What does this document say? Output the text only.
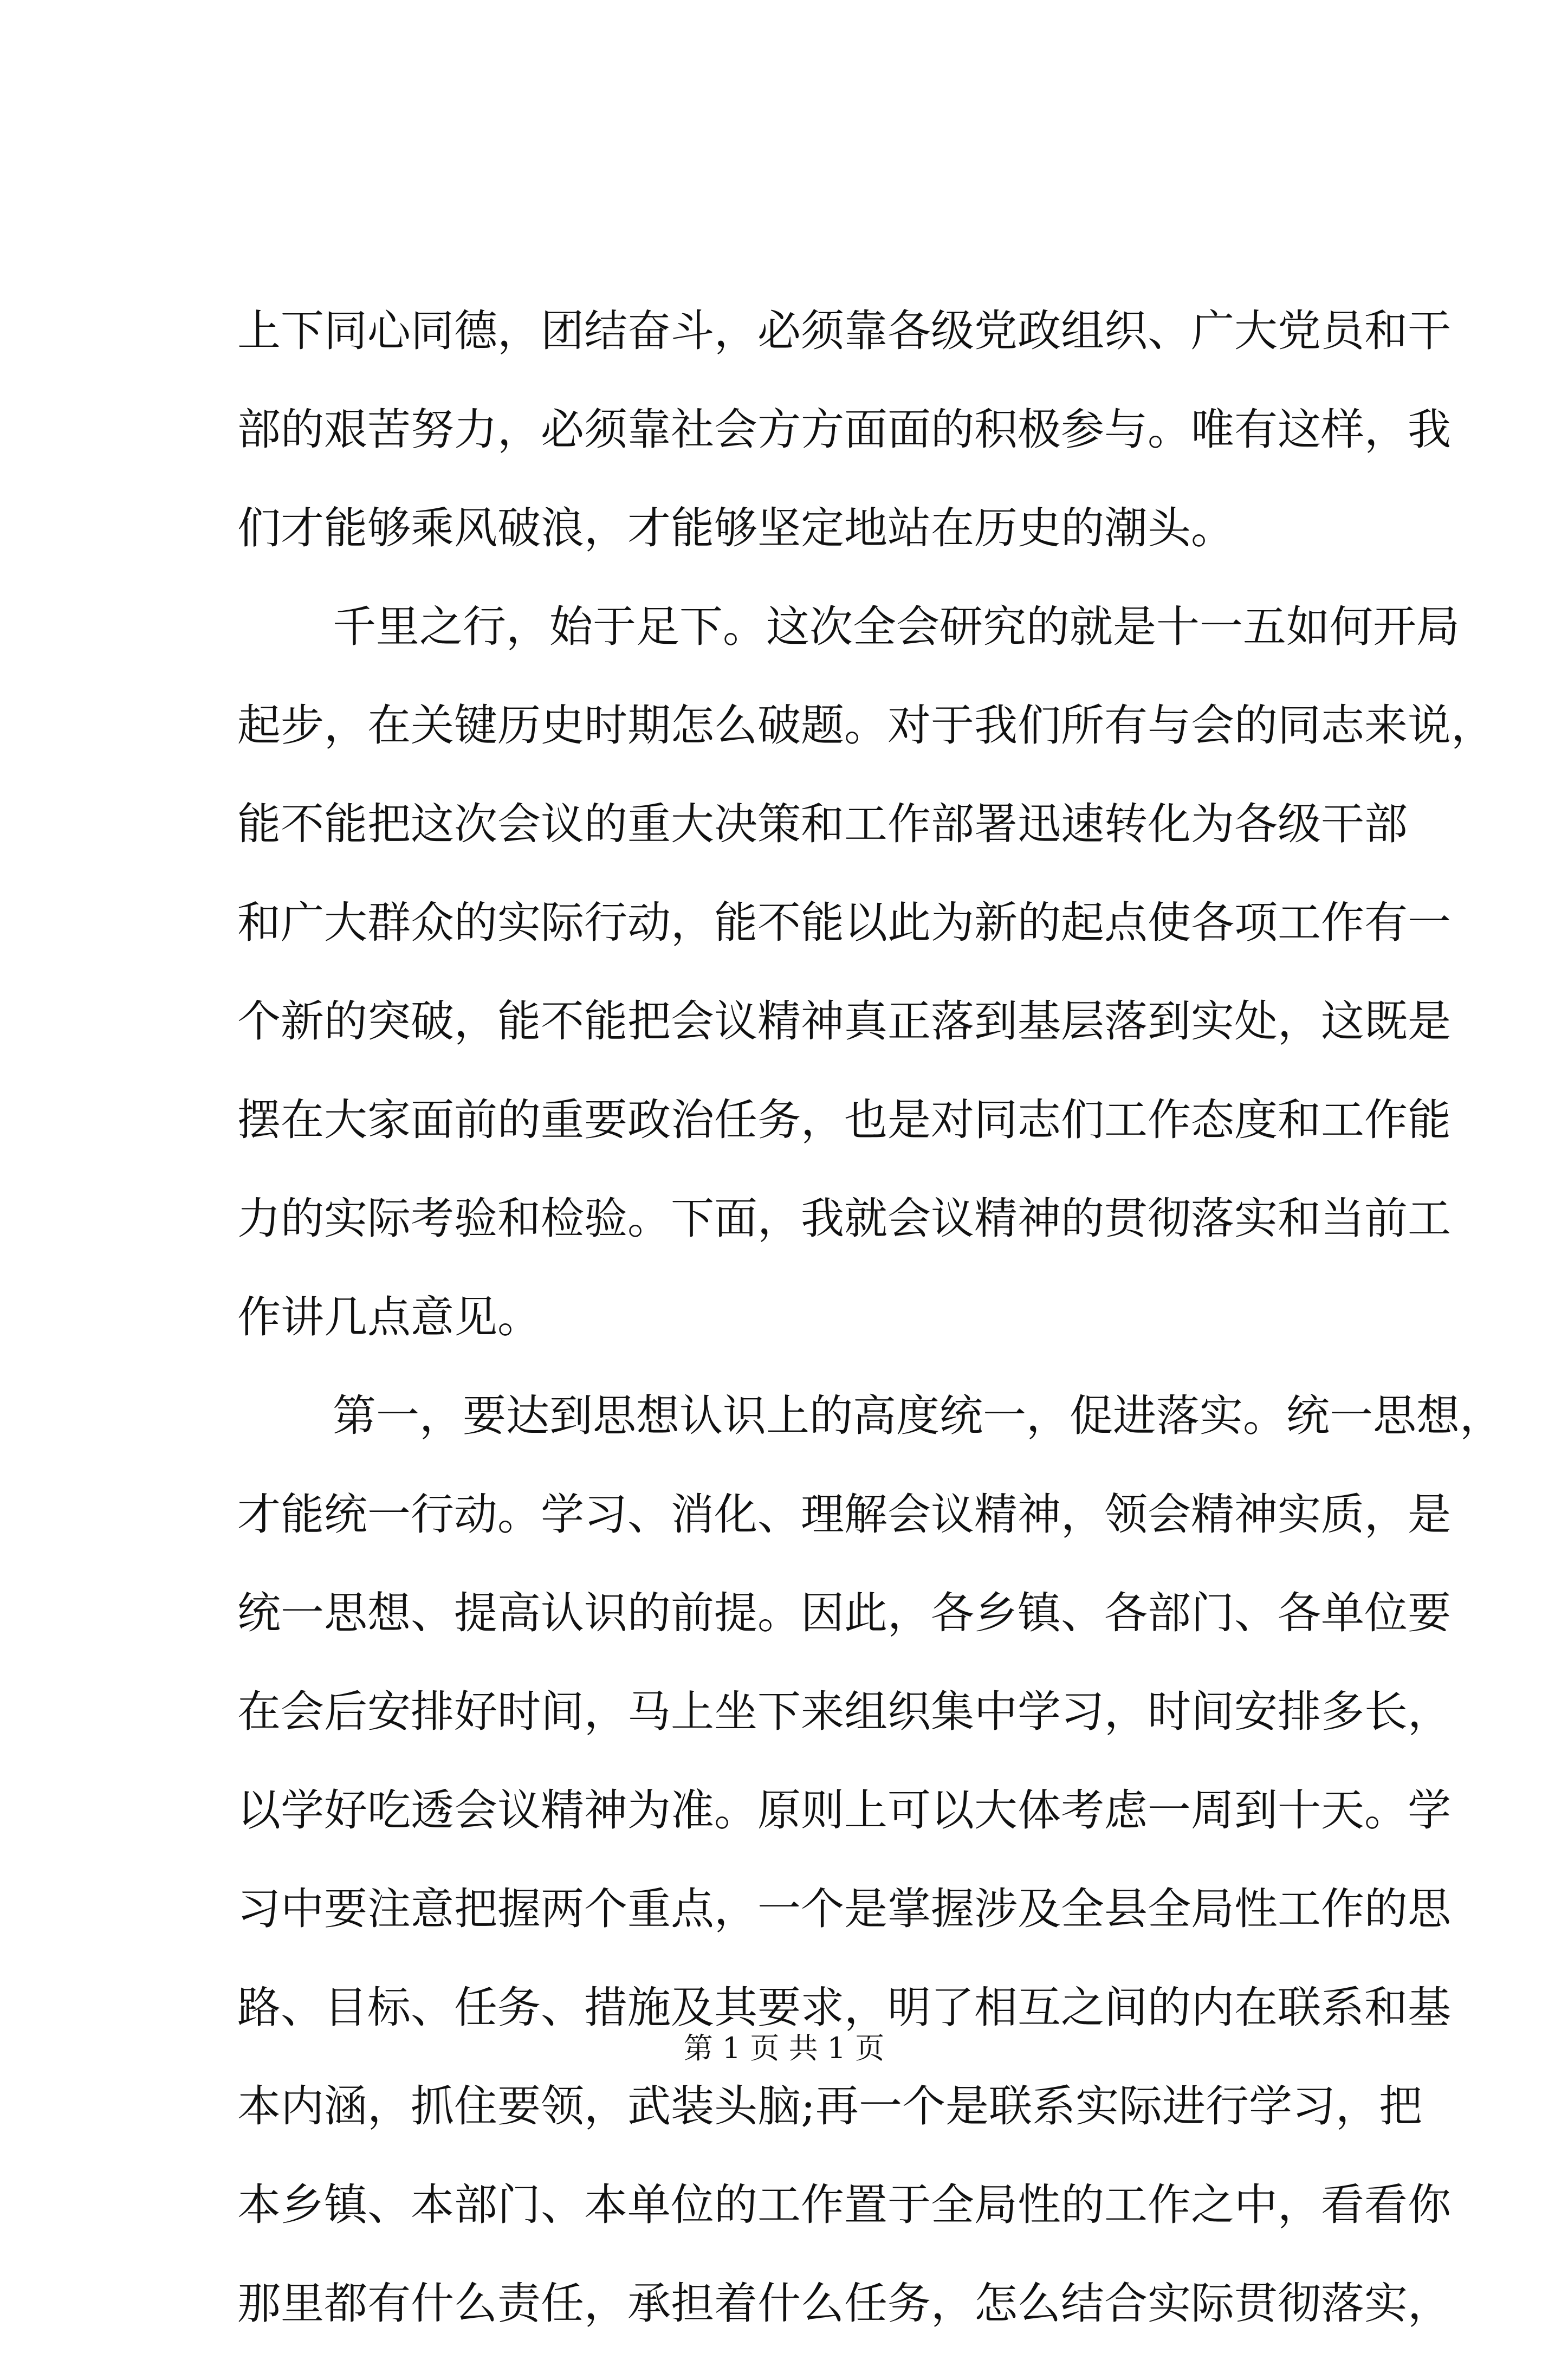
上下同心同德，团结奋斗，必须靠各级党政组织、广大党员和干
部的艰苦努力，必须靠社会方方面面的积极参与。唯有这样，我
们才能够乘风破浪，才能够坚定地站在历史的潮头。
千里之行，始于足下。这次全会研究的就是十一五如何开局
起步，在关键历史时期怎么破题。对于我们所有与会的同志来说，
能不能把这次会议的重大决策和工作部署迅速转化为各级干部
和广大群众的实际行动，能不能以此为新的起点使各项工作有一
个新的突破，能不能把会议精神真正落到基层落到实处，这既是
摆在大家面前的重要政治任务，也是对同志们工作态度和工作能
力的实际考验和检验。下面，我就会议精神的贯彻落实和当前工
作讲几点意见。
第一，要达到思想认识上的高度统一，促进落实。统一思想，
才能统一行动。学习、消化、理解会议精神，领会精神实质，是
统一思想、提高认识的前提。因此，各乡镇、各部门、各单位要
在会后安排好时间，马上坐下来组织集中学习，时间安排多长，
以学好吃透会议精神为准。原则上可以大体考虑一周到十天。学
习中要注意把握两个重点，一个是掌握涉及全县全局性工作的思
路、目标、任务、措施及其要求，明了相互之间的内在联系和基
本内涵，抓住要领，武装头脑;再一个是联系实际进行学习，把
本乡镇、本部门、本单位的工作置于全局性的工作之中，看看你
那里都有什么责任，承担着什么任务，怎么结合实际贯彻落实，
第 1 页 共 1 页
